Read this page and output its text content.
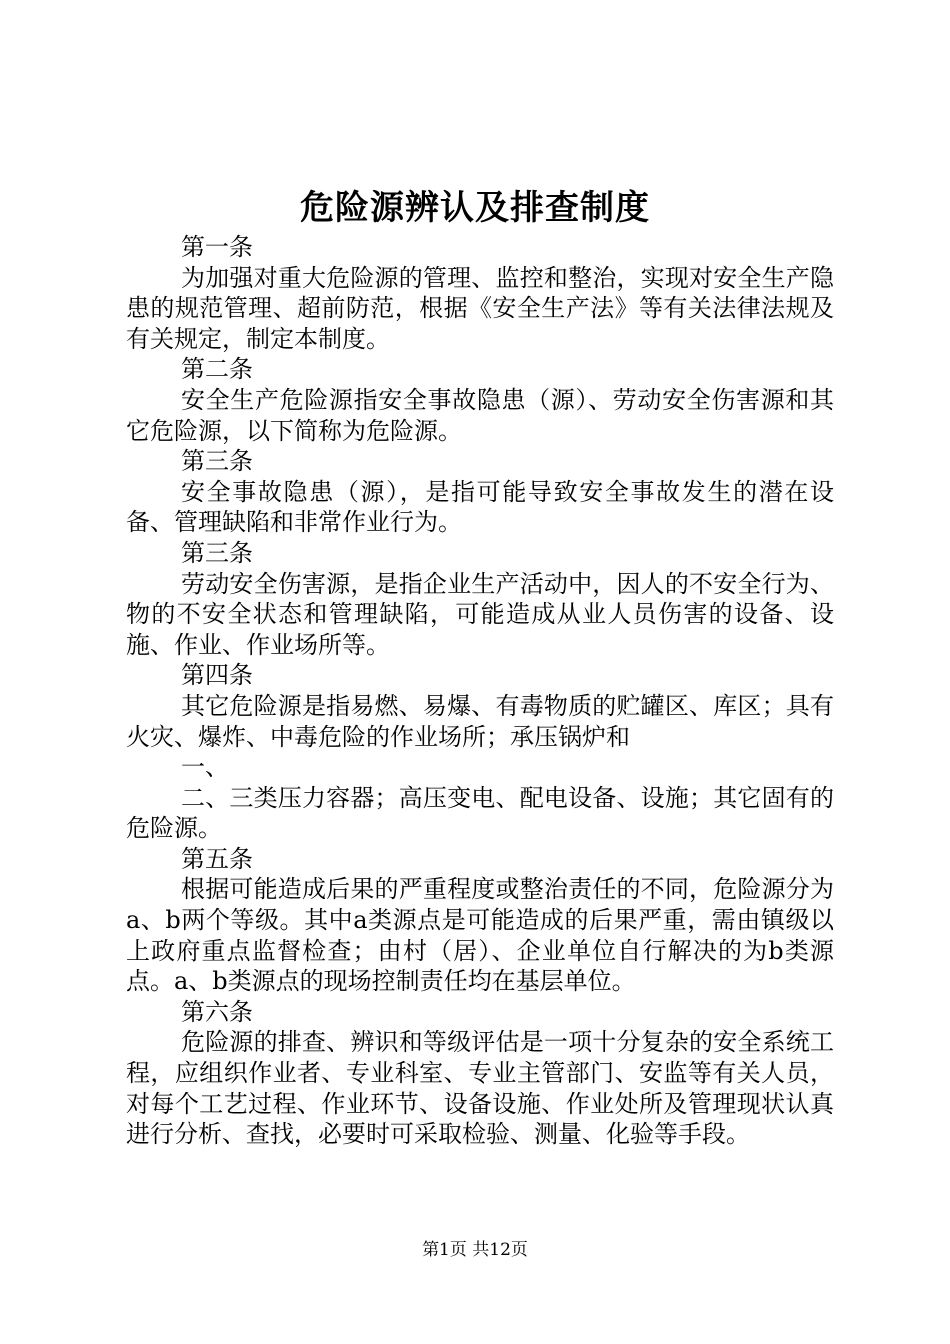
危险源辨认及排查制度
第一条

为加强对重大危险源的管理、监控和整治，实现对安全生产隐患的规范管理、超前防范，根据《安全生产法》等有关法律法规及有关规定，制定本制度。

第二条

安全生产危险源指安全事故隐患（源）、劳动安全伤害源和其它危险源，以下简称为危险源。

第三条

安全事故隐患（源），是指可能导致安全事故发生的潜在设备、管理缺陷和非常作业行为。

第三条

劳动安全伤害源，是指企业生产活动中，因人的不安全行为、物的不安全状态和管理缺陷，可能造成从业人员伤害的设备、设施、作业、作业场所等。

第四条

其它危险源是指易燃、易爆、有毒物质的贮罐区、库区；具有火灾、爆炸、中毒危险的作业场所；承压锅炉和

一、

二、三类压力容器；高压变电、配电设备、设施；其它固有的危险源。

第五条

根据可能造成后果的严重程度或整治责任的不同，危险源分为a、b两个等级。其中a类源点是可能造成的后果严重，需由镇级以上政府重点监督检查；由村（居）、企业单位自行解决的为b类源点。a、b类源点的现场控制责任均在基层单位。

第六条

危险源的排查、辨识和等级评估是一项十分复杂的安全系统工程，应组织作业者、专业科室、专业主管部门、安监等有关人员，对每个工艺过程、作业环节、设备设施、作业处所及管理现状认真进行分析、查找，必要时可采取检验、测量、化验等手段。

第1页 共12页
